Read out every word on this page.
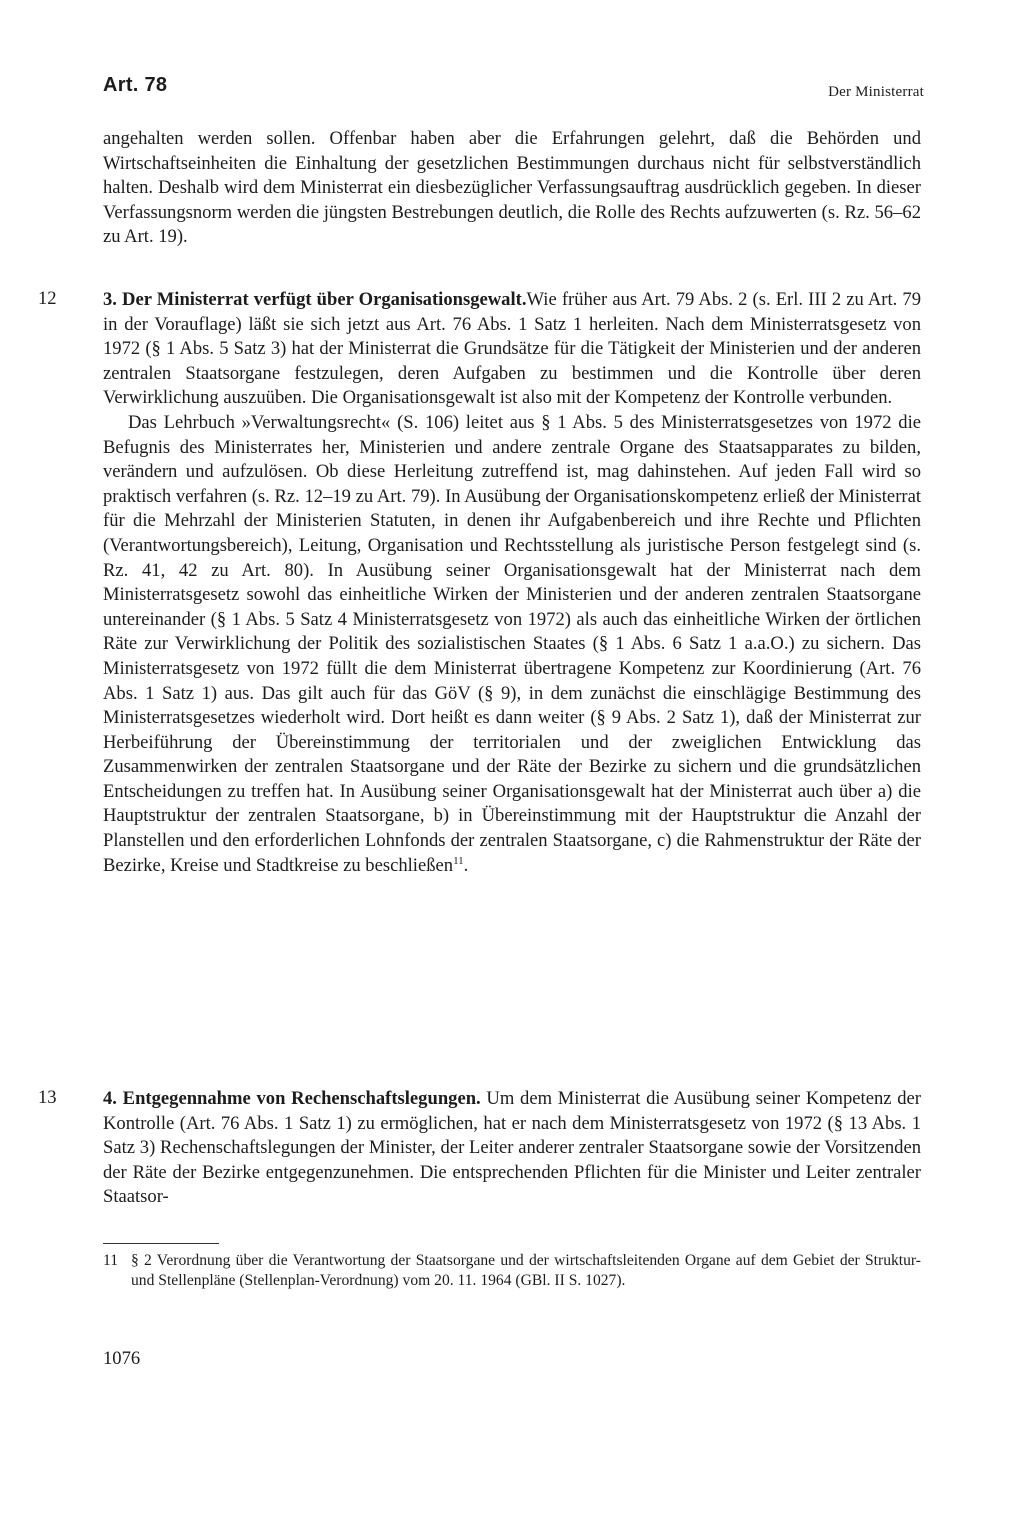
Art. 78	Der Ministerrat

angehalten werden sollen. Offenbar haben aber die Erfahrungen gelehrt, daß die Behörden und Wirtschaftseinheiten die Einhaltung der gesetzlichen Bestimmungen durchaus nicht für selbstverständlich halten. Deshalb wird dem Ministerrat ein diesbezüglicher Verfassungsauftrag ausdrücklich gegeben. In dieser Verfassungsnorm werden die jüngsten Bestrebungen deutlich, die Rolle des Rechts aufzuwerten (s. Rz. 56–62 zu Art. 19).

12 3. Der Ministerrat verfügt über Organisationsgewalt.Wie früher aus Art. 79 Abs. 2 (s. Erl. III 2 zu Art. 79 in der Vorauflage) läßt sie sich jetzt aus Art. 76 Abs. 1 Satz 1 herleiten. Nach dem Ministerratsgesetz von 1972 (§ 1 Abs. 5 Satz 3) hat der Ministerrat die Grundsätze für die Tätigkeit der Ministerien und der anderen zentralen Staatsorgane festzulegen, deren Aufgaben zu bestimmen und die Kontrolle über deren Verwirklichung auszuüben. Die Organisationsgewalt ist also mit der Kompetenz der Kontrolle verbunden.

Das Lehrbuch »Verwaltungsrecht« (S. 106) leitet aus § 1 Abs. 5 des Ministerratsgesetzes von 1972 die Befugnis des Ministerrates her, Ministerien und andere zentrale Organe des Staatsapparates zu bilden, verändern und aufzulösen. Ob diese Herleitung zutreffend ist, mag dahinstehen. Auf jeden Fall wird so praktisch verfahren (s. Rz. 12–19 zu Art. 79). In Ausübung der Organisationskompetenz erließ der Ministerrat für die Mehrzahl der Ministerien Statuten, in denen ihr Aufgabenbereich und ihre Rechte und Pflichten (Verantwortungsbereich), Leitung, Organisation und Rechtsstellung als juristische Person festgelegt sind (s. Rz. 41, 42 zu Art. 80). In Ausübung seiner Organisationsgewalt hat der Ministerrat nach dem Ministerratsgesetz sowohl das einheitliche Wirken der Ministerien und der anderen zentralen Staatsorgane untereinander (§ 1 Abs. 5 Satz 4 Ministerratsgesetz von 1972) als auch das einheitliche Wirken der örtlichen Räte zur Verwirklichung der Politik des sozialistischen Staates (§ 1 Abs. 6 Satz 1 a.a.O.) zu sichern. Das Ministerratsgesetz von 1972 füllt die dem Ministerrat übertragene Kompetenz zur Koordinierung (Art. 76 Abs. 1 Satz 1) aus. Das gilt auch für das GöV (§ 9), in dem zunächst die einschlägige Bestimmung des Ministerratsgesetzes wiederholt wird. Dort heißt es dann weiter (§ 9 Abs. 2 Satz 1), daß der Ministerrat zur Herbeiführung der Übereinstimmung der territorialen und der zweiglichen Entwicklung das Zusammenwirken der zentralen Staatsorgane und der Räte der Bezirke zu sichern und die grundsätzlichen Entscheidungen zu treffen hat. In Ausübung seiner Organisationsgewalt hat der Ministerrat auch über a) die Hauptstruktur der zentralen Staatsorgane, b) in Übereinstimmung mit der Hauptstruktur die Anzahl der Planstellen und den erforderlichen Lohnfonds der zentralen Staatsorgane, c) die Rahmenstruktur der Räte der Bezirke, Kreise und Stadtkreise zu beschließen$^{11}$.

13 4. Entgegennahme von Rechenschaftslegungen. Um dem Ministerrat die Ausübung seiner Kompetenz der Kontrolle (Art. 76 Abs. 1 Satz 1) zu ermöglichen, hat er nach dem Ministerratsgesetz von 1972 (§ 13 Abs. 1 Satz 3) Rechenschaftslegungen der Minister, der Leiter anderer zentraler Staatsorgane sowie der Vorsitzenden der Räte der Bezirke entgegenzunehmen. Die entsprechenden Pflichten für die Minister und Leiter zentraler Staatsor-

11 § 2 Verordnung über die Verantwortung der Staatsorgane und der wirtschaftsleitenden Organe auf dem Gebiet der Struktur- und Stellenpläne (Stellenplan-Verordnung) vom 20. 11. 1964 (GBl. II S. 1027).
1076
